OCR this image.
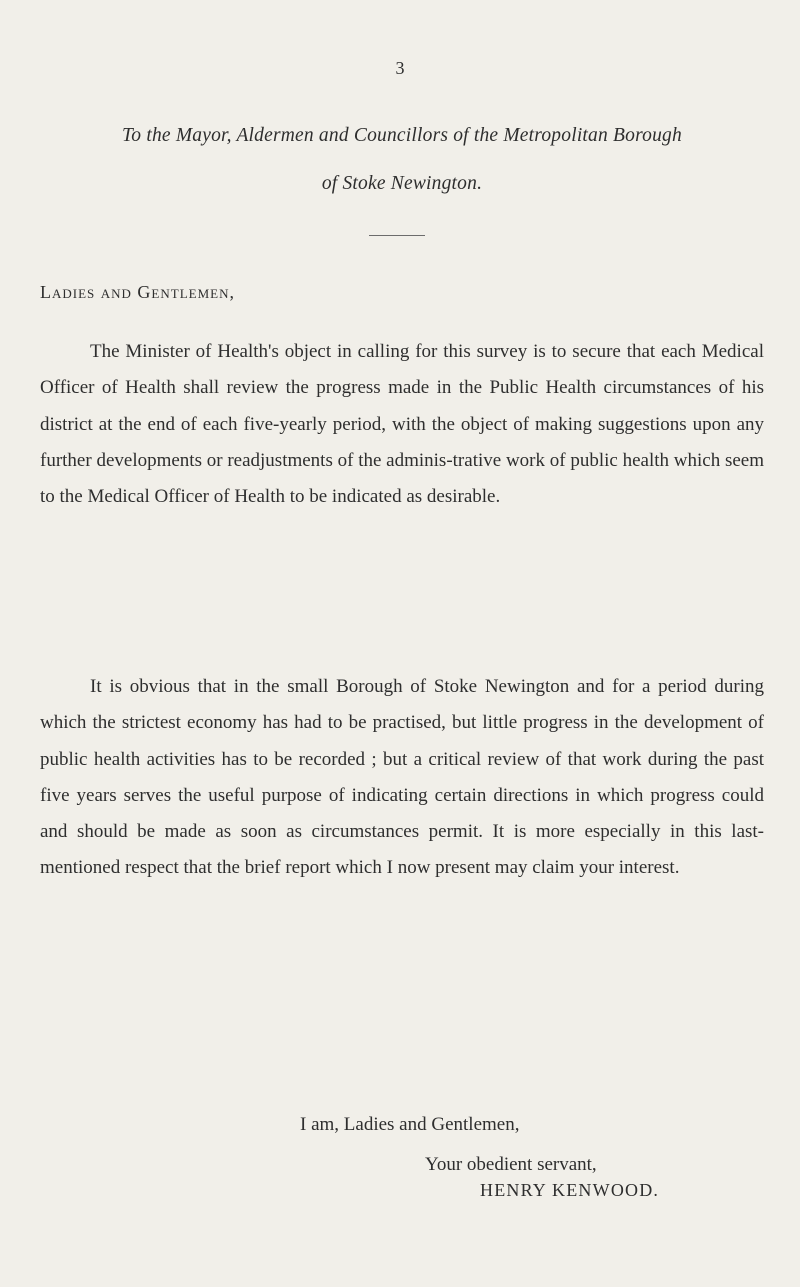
3
To the Mayor, Aldermen and Councillors of the Metropolitan Borough
of Stoke Newington.
Ladies and Gentlemen,

The Minister of Health's object in calling for this survey is to secure that each Medical Officer of Health shall review the progress made in the Public Health circumstances of his district at the end of each five-yearly period, with the object of making suggestions upon any further developments or readjustments of the adminis-trative work of public health which seem to the Medical Officer of Health to be indicated as desirable.

It is obvious that in the small Borough of Stoke Newington and for a period during which the strictest economy has had to be practised, but little progress in the development of public health activities has to be recorded ; but a critical review of that work during the past five years serves the useful purpose of indicating certain directions in which progress could and should be made as soon as circumstances permit. It is more especially in this last-mentioned respect that the brief report which I now present may claim your interest.

I am, Ladies and Gentlemen,
Your obedient servant,
HENRY KENWOOD.
